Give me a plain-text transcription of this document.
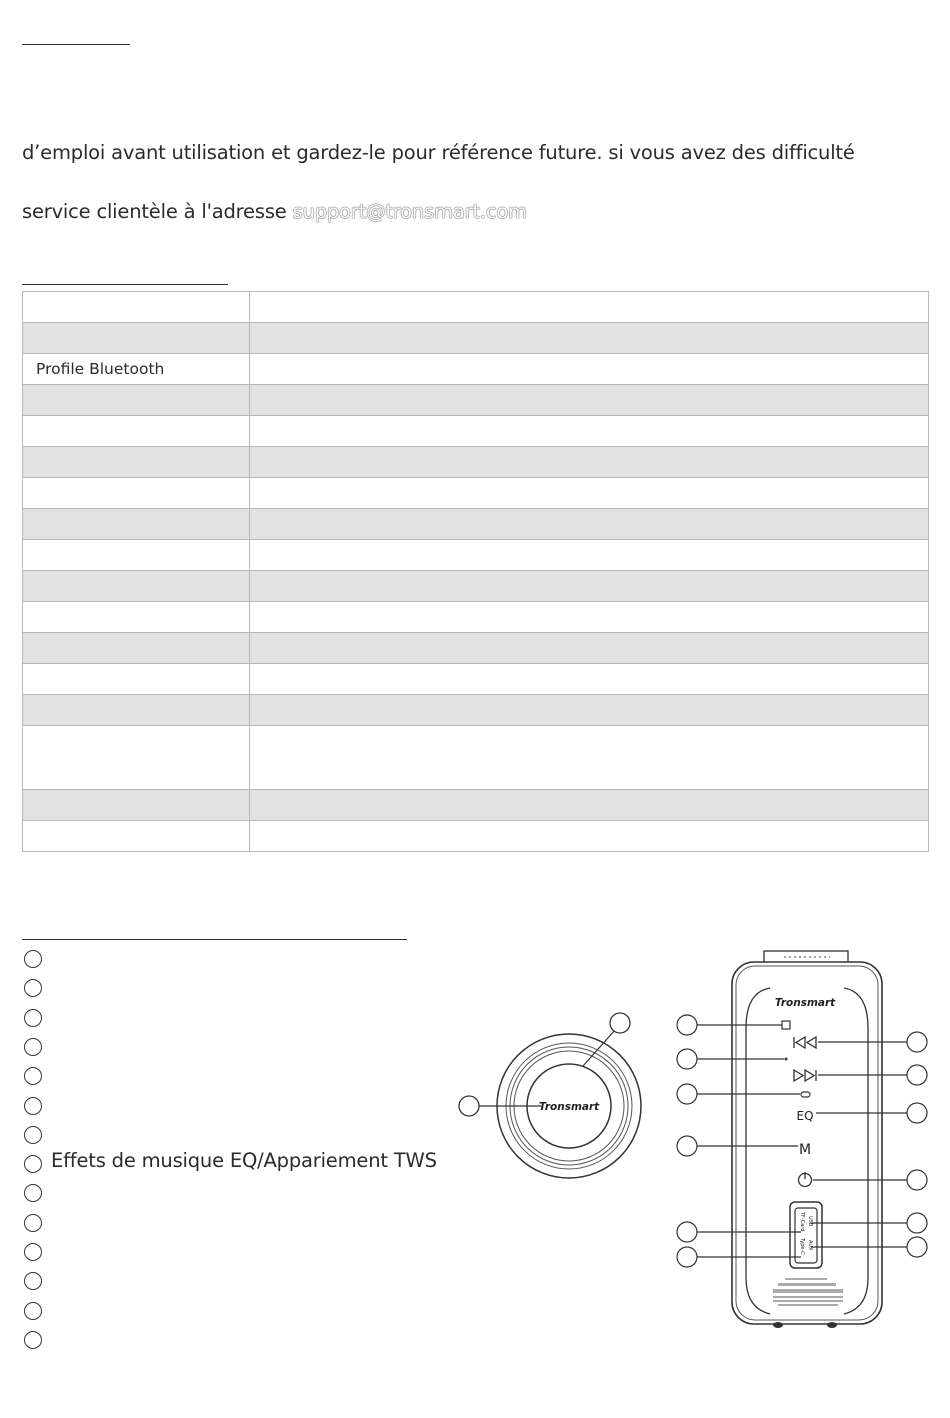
d’emploi avant utilisation et gardez-le pour référence future. si vous avez des difficulté
service clientèle à l'adresse support@tronsmart.com

Profile Bluetooth	

Effets de musique EQ/Appariement TWS
Tronsmart
Tronsmart
EQ
M
USB
AUX
TF-Card
Type-C
